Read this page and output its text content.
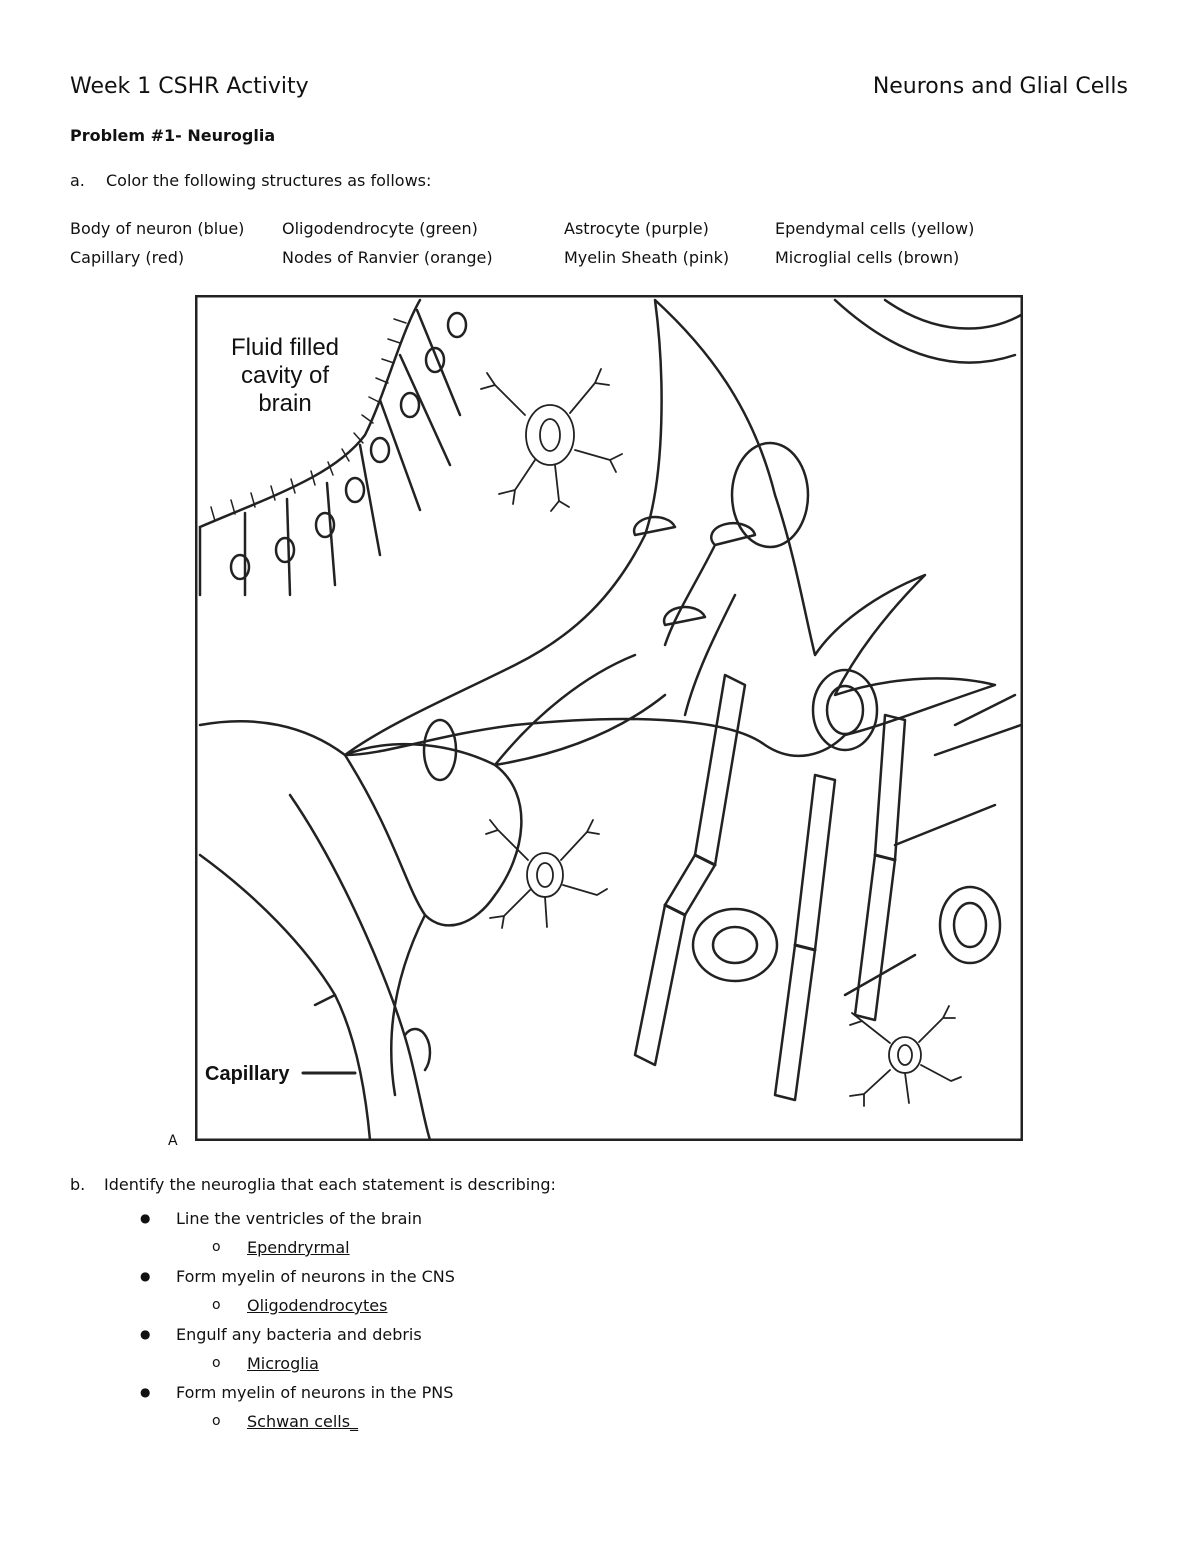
Week 1 CSHR Activity	Neurons and Glial Cells
Problem #1- Neuroglia
a. Color the following structures as follows:
Body of neuron (blue)	Oligodendrocyte (green)	Astrocyte (purple)	Ependymal cells (yellow)
Capillary (red)	Nodes of Ranvier (orange)	Myelin Sheath (pink)	Microglial cells (brown)
Fluid filled
cavity of
brain
Capillary
A
b. Identify the neuroglia that each statement is describing:
●	Line the ventricles of the brain
o	Ependryrmal
●	Form myelin of neurons in the CNS
o	Oligodendrocytes
●	Engulf any bacteria and debris
o	Microglia
●	Form myelin of neurons in the PNS
o	Schwan cells_
